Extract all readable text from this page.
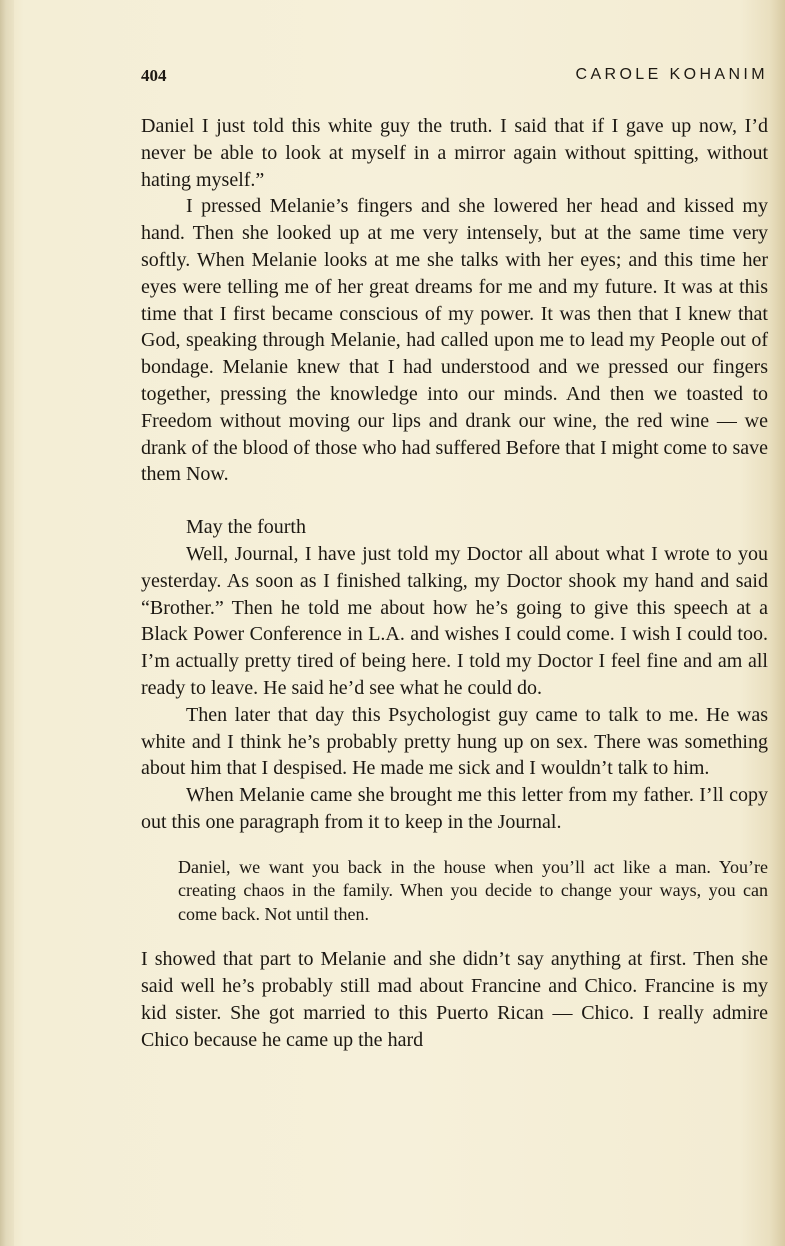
404	CAROLE KOHANIM

Daniel I just told this white guy the truth. I said that if I gave up now, I’d never be able to look at myself in a mirror again without spitting, without hating myself.”

I pressed Melanie’s fingers and she lowered her head and kissed my hand. Then she looked up at me very intensely, but at the same time very softly. When Melanie looks at me she talks with her eyes; and this time her eyes were telling me of her great dreams for me and my future. It was at this time that I first became conscious of my power. It was then that I knew that God, speaking through Melanie, had called upon me to lead my People out of bondage. Melanie knew that I had understood and we pressed our fingers together, pressing the knowledge into our minds. And then we toasted to Freedom without moving our lips and drank our wine, the red wine — we drank of the blood of those who had suffered Before that I might come to save them Now.

May the fourth

Well, Journal, I have just told my Doctor all about what I wrote to you yesterday. As soon as I finished talking, my Doctor shook my hand and said “Brother.” Then he told me about how he’s going to give this speech at a Black Power Conference in L.A. and wishes I could come. I wish I could too. I’m actually pretty tired of being here. I told my Doctor I feel fine and am all ready to leave. He said he’d see what he could do.

Then later that day this Psychologist guy came to talk to me. He was white and I think he’s probably pretty hung up on sex. There was something about him that I despised. He made me sick and I wouldn’t talk to him.

When Melanie came she brought me this letter from my father. I’ll copy out this one paragraph from it to keep in the Journal.

Daniel, we want you back in the house when you’ll act like a man. You’re creating chaos in the family. When you decide to change your ways, you can come back. Not until then.

I showed that part to Melanie and she didn’t say anything at first. Then she said well he’s probably still mad about Francine and Chico. Francine is my kid sister. She got married to this Puerto Rican — Chico. I really admire Chico because he came up the hard
